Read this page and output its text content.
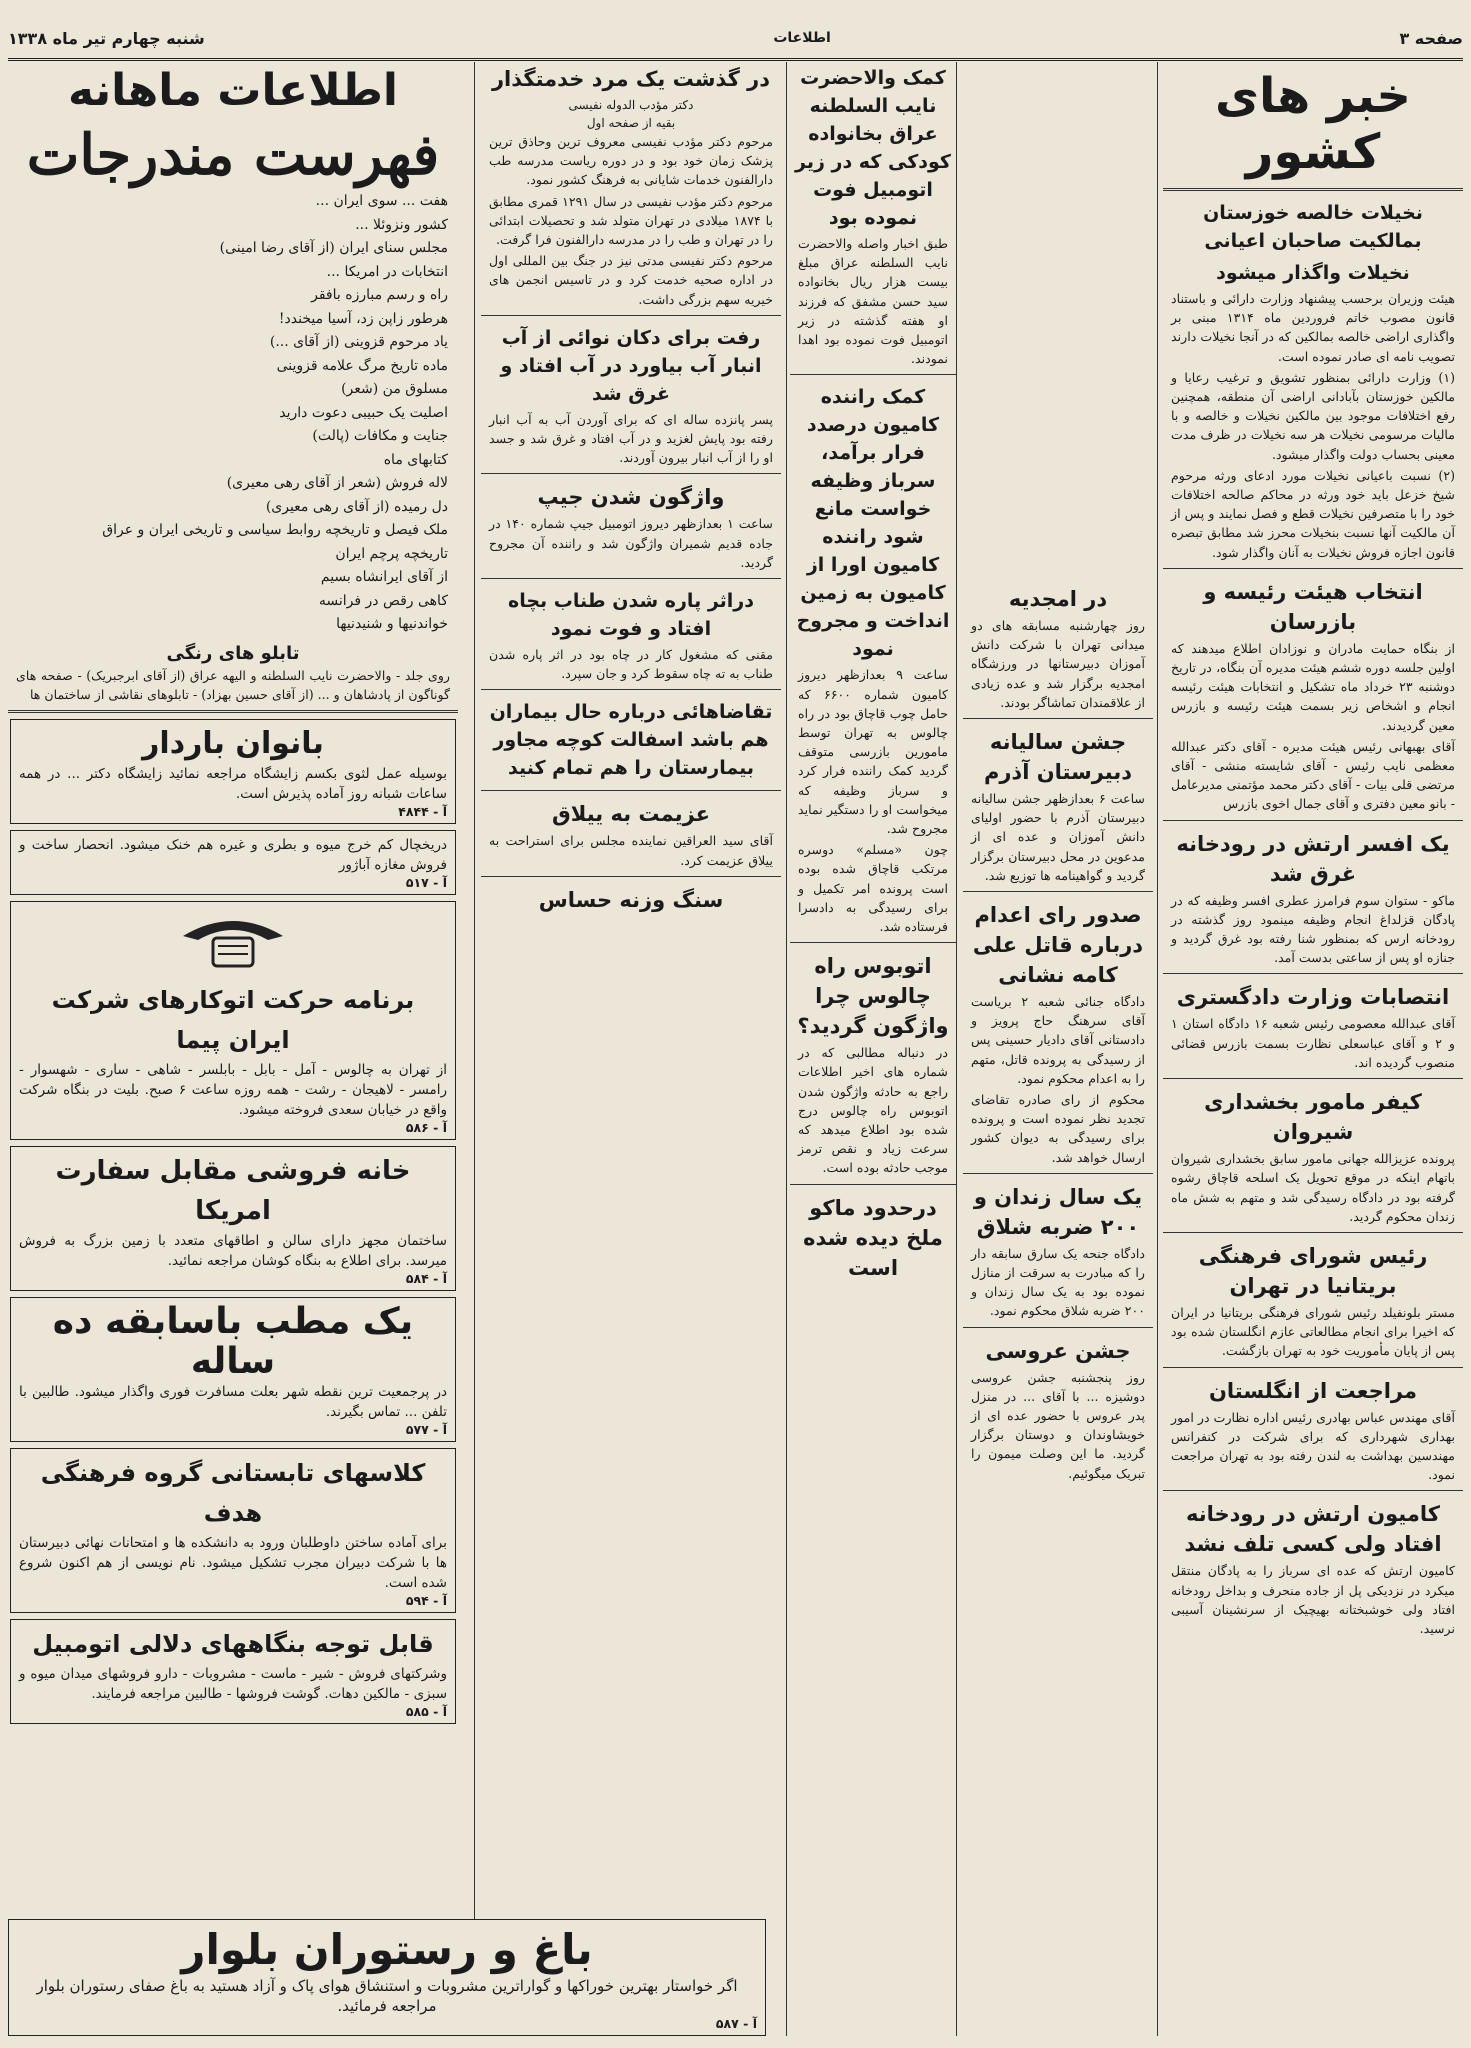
صفحه ۳
اطلاعات
شنبه چهارم تیر ماه ۱۳۳۸
خبر های کشور
نخیلات خالصه خوزستان بمالکیت صاحبان اعیانی
نخیلات واگذار میشود

هیئت وزیران برحسب پیشنهاد وزارت دارائی و باستناد قانون مصوب خاتم فروردین ماه ۱۳۱۴ مبنی بر واگذاری اراضی خالصه بمالکین که در آنجا نخیلات دارند تصویب نامه ای صادر نموده است.

(۱) وزارت دارائی بمنظور تشویق و ترغیب رعایا و مالکین خوزستان بآبادانی اراضی آن منطقه، همچنین رفع اختلافات موجود بین مالکین نخیلات و خالصه و با مالیات مرسومی نخیلات هر سه نخیلات در ظرف مدت معینی بحساب دولت واگذار میشود.

(۲) نسبت باعیانی نخیلات مورد ادعای ورثه مرحوم شیخ خزعل باید خود ورثه در محاکم صالحه اختلافات خود را با متصرفین نخیلات قطع و فصل نمایند و پس از آن مالکیت آنها نسبت بنخیلات محرز شد مطابق تبصره قانون اجازه فروش نخیلات به آنان واگذار شود.

انتخاب هیئت رئیسه و بازرسان

از بنگاه حمایت مادران و نوزادان اطلاع میدهند که اولین جلسه دوره ششم هیئت مدیره آن بنگاه، در تاریخ دوشنبه ۲۳ خرداد ماه تشکیل و انتخابات هیئت رئیسه انجام و اشخاص زیر بسمت هیئت رئیسه و بازرس معین گردیدند.

آقای بهبهانی رئیس هیئت مدیره - آقای دکتر عبدالله معظمی نایب رئیس - آقای شایسته منشی - آقای مرتضی قلی بیات - آقای دکتر محمد مؤتمنی مدیرعامل - بانو معین دفتری و آقای جمال اخوی بازرس

یک افسر ارتش در رودخانه غرق شد

ماکو - ستوان سوم فرامرز عطری افسر وظیفه که در پادگان قزلداغ انجام وظیفه مینمود روز گذشته در رودخانه ارس که بمنظور شنا رفته بود غرق گردید و جنازه او پس از ساعتی بدست آمد.

انتصابات وزارت دادگستری

آقای عبدالله معصومی رئیس شعبه ۱۶ دادگاه استان ۱ و ۲ و آقای عباسعلی نظارت بسمت بازرس قضائی منصوب گردیده اند.

کیفر مامور بخشداری شیروان

پرونده عزیزالله جهانی مامور سابق بخشداری شیروان باتهام اینکه در موقع تحویل یک اسلحه قاچاق رشوه گرفته بود در دادگاه رسیدگی شد و متهم به شش ماه زندان محکوم گردید.

رئیس شورای فرهنگی بریتانیا در تهران

مستر بلونفیلد رئیس شورای فرهنگی بریتانیا در ایران که اخیرا برای انجام مطالعاتی عازم انگلستان شده بود پس از پایان مأموریت خود به تهران بازگشت.

مراجعت از انگلستان

آقای مهندس عباس بهادری رئیس اداره نظارت در امور بهداری شهرداری که برای شرکت در کنفرانس مهندسین بهداشت به لندن رفته بود به تهران مراجعت نمود.

کامیون ارتش در رودخانه افتاد ولی کسی تلف نشد

کامیون ارتش که عده ای سرباز را به پادگان منتقل میکرد در نزدیکی پل از جاده منحرف و بداخل رودخانه افتاد ولی خوشبختانه بهیچیک از سرنشینان آسیبی نرسید.

در امجدیه

روز چهارشنبه مسابقه های دو میدانی تهران با شرکت دانش آموزان دبیرستانها در ورزشگاه امجدیه برگزار شد و عده زیادی از علاقمندان تماشاگر بودند.

جشن سالیانه دبیرستان آذرم

ساعت ۶ بعدازظهر جشن سالیانه دبیرستان آذرم با حضور اولیای دانش آموزان و عده ای از مدعوین در محل دبیرستان برگزار گردید و گواهینامه ها توزیع شد.

صدور رای اعدام درباره قاتل علی کامه نشانی

دادگاه جنائی شعبه ۲ بریاست آقای سرهنگ حاج پرویز و دادستانی آقای دادیار حسینی پس از رسیدگی به پرونده قاتل، متهم را به اعدام محکوم نمود.

محکوم از رای صادره تقاضای تجدید نظر نموده است و پرونده برای رسیدگی به دیوان کشور ارسال خواهد شد.

یک سال زندان و ۲۰۰ ضربه شلاق

دادگاه جنحه یک سارق سابقه دار را که مبادرت به سرقت از منازل نموده بود به یک سال زندان و ۲۰۰ ضربه شلاق محکوم نمود.

جشن عروسی

روز پنجشنبه جشن عروسی دوشیزه ... با آقای ... در منزل پدر عروس با حضور عده ای از خویشاوندان و دوستان برگزار گردید. ما این وصلت میمون را تبریک میگوئیم.

کمک والاحضرت نایب السلطنه عراق بخانواده کودکی که در زیر اتومبیل فوت نموده بود

طبق اخبار واصله والاحضرت نایب السلطنه عراق مبلغ بیست هزار ریال بخانواده سید حسن مشفق که فرزند او هفته گذشته در زیر اتومبیل فوت نموده بود اهدا نمودند.

کمک راننده کامیون درصدد فرار برآمد، سرباز وظیفه خواست مانع شود راننده کامیون اورا از کامیون به زمین انداخت و مجروح نمود

ساعت ۹ بعدازظهر دیروز کامیون شماره ۶۶۰۰ که حامل چوب قاچاق بود در راه چالوس به تهران توسط مامورین بازرسی متوقف گردید کمک راننده فرار کرد و سرباز وظیفه که میخواست او را دستگیر نماید مجروح شد.

چون «مسلم» دوسره مرتکب قاچاق شده بوده است پرونده امر تکمیل و برای رسیدگی به دادسرا فرستاده شد.

اتوبوس راه چالوس چرا واژگون گردید؟

در دنباله مطالبی که در شماره های اخیر اطلاعات راجع به حادثه واژگون شدن اتوبوس راه چالوس درج شده بود اطلاع میدهد که سرعت زیاد و نقص ترمز موجب حادثه بوده است.

درحدود ماکو ملخ دیده شده است
در گذشت یک مرد خدمتگذار
دکتر مؤدب الدوله نفیسی
بقیه از صفحه اول

مرحوم دکتر مؤدب نفیسی معروف ترین وحاذق ترین پزشک زمان خود بود و در دوره ریاست مدرسه طب دارالفنون خدمات شایانی به فرهنگ کشور نمود.

مرحوم دکتر مؤدب نفیسی در سال ۱۲۹۱ قمری مطابق با ۱۸۷۴ میلادی در تهران متولد شد و تحصیلات ابتدائی را در تهران و طب را در مدرسه دارالفنون فرا گرفت.

مرحوم دکتر نفیسی مدتی نیز در جنگ بین المللی اول در اداره صحیه خدمت کرد و در تاسیس انجمن های خیریه سهم بزرگی داشت.

رفت برای دکان نوائی از آب انبار آب بیاورد در آب افتاد و غرق شد

پسر پانزده ساله ای که برای آوردن آب به آب انبار رفته بود پایش لغزید و در آب افتاد و غرق شد و جسد او را از آب انبار بیرون آوردند.

واژگون شدن جیپ

ساعت ۱ بعدازظهر دیروز اتومبیل جیپ شماره ۱۴۰ در جاده قدیم شمیران واژگون شد و راننده آن مجروح گردید.

دراثر پاره شدن طناب بچاه افتاد و فوت نمود

مقنی که مشغول کار در چاه بود در اثر پاره شدن طناب به ته چاه سقوط کرد و جان سپرد.

تقاضاهائی درباره حال بیماران هم باشد اسفالت کوچه مجاور بیمارستان را هم تمام کنید
عزیمت به ییلاق

آقای سید العراقین نماینده مجلس برای استراحت به ییلاق عزیمت کرد.

سنگ وزنه حساس
اطلاعات ماهانه
فهرست مندرجات
هفت ... سوی ایران ...
کشور ونزوئلا ...
مجلس سنای ایران (از آقای رضا امینی)
انتخابات در امریکا ...
راه و رسم مبارزه بافقر
هرطور زاپن زد، آسیا میخندد!
یاد مرحوم قزوینی (از آقای ...)
ماده تاریخ مرگ علامه قزوینی
مسلوق من (شعر)
اصلیت یک حبیبی دعوت دارید
جنایت و مکافات (پالت)
کتابهای ماه
لاله فروش (شعر از آقای رهی معیری)
دل رمیده (از آقای رهی معیری)
ملک فیصل و تاریخچه روابط سیاسی و تاریخی ایران و عراق
تاریخچه پرچم ایران
از آقای ایرانشاه بسیم
کاهی رقص در فرانسه
خواندنیها و شنیدنیها
تابلو های رنگی
روی جلد - والاحضرت نایب السلطنه و الیهه عراق (از آقای ابرجبریک) - صفحه های گوناگون از پادشاهان و ... (از آقای حسین بهزاد) - تابلوهای نقاشی از ساختمان ها
بانوان باردار
بوسیله عمل لثوی بکسم زایشگاه مراجعه نمائید زایشگاه دکتر ... در همه ساعات شبانه روز آماده پذیرش است.
آ - ۴۸۴۴
دریخچال کم خرج میوه و بطری و غیره هم خنک میشود. انحصار ساخت و فروش مغازه آباژور
آ - ۵۱۷
برنامه حرکت اتوکارهای شرکت ایران پیما
از تهران به چالوس - آمل - بابل - بابلسر - شاهی - ساری - شهسوار - رامسر - لاهیجان - رشت - همه روزه ساعت ۶ صبح. بلیت در بنگاه شرکت واقع در خیابان سعدی فروخته میشود.
آ - ۵۸۶
خانه فروشی مقابل سفارت امریکا
ساختمان مجهز دارای سالن و اطاقهای متعدد با زمین بزرگ به فروش میرسد. برای اطلاع به بنگاه کوشان مراجعه نمائید.
آ - ۵۸۴
یک مطب باسابقه ده ساله
در پرجمعیت ترین نقطه شهر بعلت مسافرت فوری واگذار میشود. طالبین با تلفن ... تماس بگیرند.
آ - ۵۷۷
کلاسهای تابستانی گروه فرهنگی هدف
برای آماده ساختن داوطلبان ورود به دانشکده ها و امتحانات نهائی دبیرستان ها با شرکت دبیران مجرب تشکیل میشود. نام نویسی از هم اکنون شروع شده است.
آ - ۵۹۴
قابل توجه بنگاههای دلالی اتومبیل
وشرکتهای فروش - شیر - ماست - مشروبات - دارو فروشهای میدان میوه و سبزی - مالکین دهات. گوشت فروشها - طالبین مراجعه فرمایند.
آ - ۵۸۵
باغ و رستوران بلوار
اگر خواستار بهترین خوراکها و گواراترین مشروبات و استنشاق هوای پاک و آزاد هستید به باغ صفای رستوران بلوار مراجعه فرمائید.
آ - ۵۸۷
